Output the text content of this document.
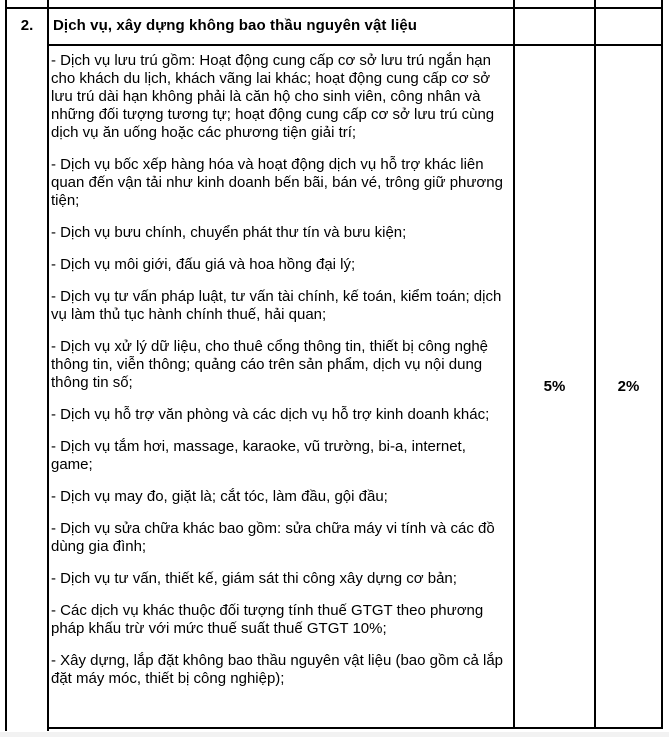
2. Dịch vụ, xây dựng không bao thầu nguyên vật liệu

- Dịch vụ lưu trú gồm: Hoạt động cung cấp cơ sở lưu trú ngắn hạn cho khách du lịch, khách vãng lai khác; hoạt động cung cấp cơ sở lưu trú dài hạn không phải là căn hộ cho sinh viên, công nhân và những đối tượng tương tự; hoạt động cung cấp cơ sở lưu trú cùng dịch vụ ăn uống hoặc các phương tiện giải trí;

- Dịch vụ bốc xếp hàng hóa và hoạt động dịch vụ hỗ trợ khác liên quan đến vận tải như kinh doanh bến bãi, bán vé, trông giữ phương tiện;

- Dịch vụ bưu chính, chuyển phát thư tín và bưu kiện;

- Dịch vụ môi giới, đấu giá và hoa hồng đại lý;

- Dịch vụ tư vấn pháp luật, tư vấn tài chính, kế toán, kiểm toán; dịch vụ làm thủ tục hành chính thuế, hải quan;

- Dịch vụ xử lý dữ liệu, cho thuê cổng thông tin, thiết bị công nghệ thông tin, viễn thông; quảng cáo trên sản phẩm, dịch vụ nội dung thông tin số;

- Dịch vụ hỗ trợ văn phòng và các dịch vụ hỗ trợ kinh doanh khác;

- Dịch vụ tắm hơi, massage, karaoke, vũ trường, bi-a, internet, game;

- Dịch vụ may đo, giặt là; cắt tóc, làm đầu, gội đầu;

- Dịch vụ sửa chữa khác bao gồm: sửa chữa máy vi tính và các đồ dùng gia đình;

- Dịch vụ tư vấn, thiết kế, giám sát thi công xây dựng cơ bản;

- Các dịch vụ khác thuộc đối tượng tính thuế GTGT theo phương pháp khấu trừ với mức thuế suất thuế GTGT 10%;

- Xây dựng, lắp đặt không bao thầu nguyên vật liệu (bao gồm cả lắp đặt máy móc, thiết bị công nghiệp);

5%	2%
